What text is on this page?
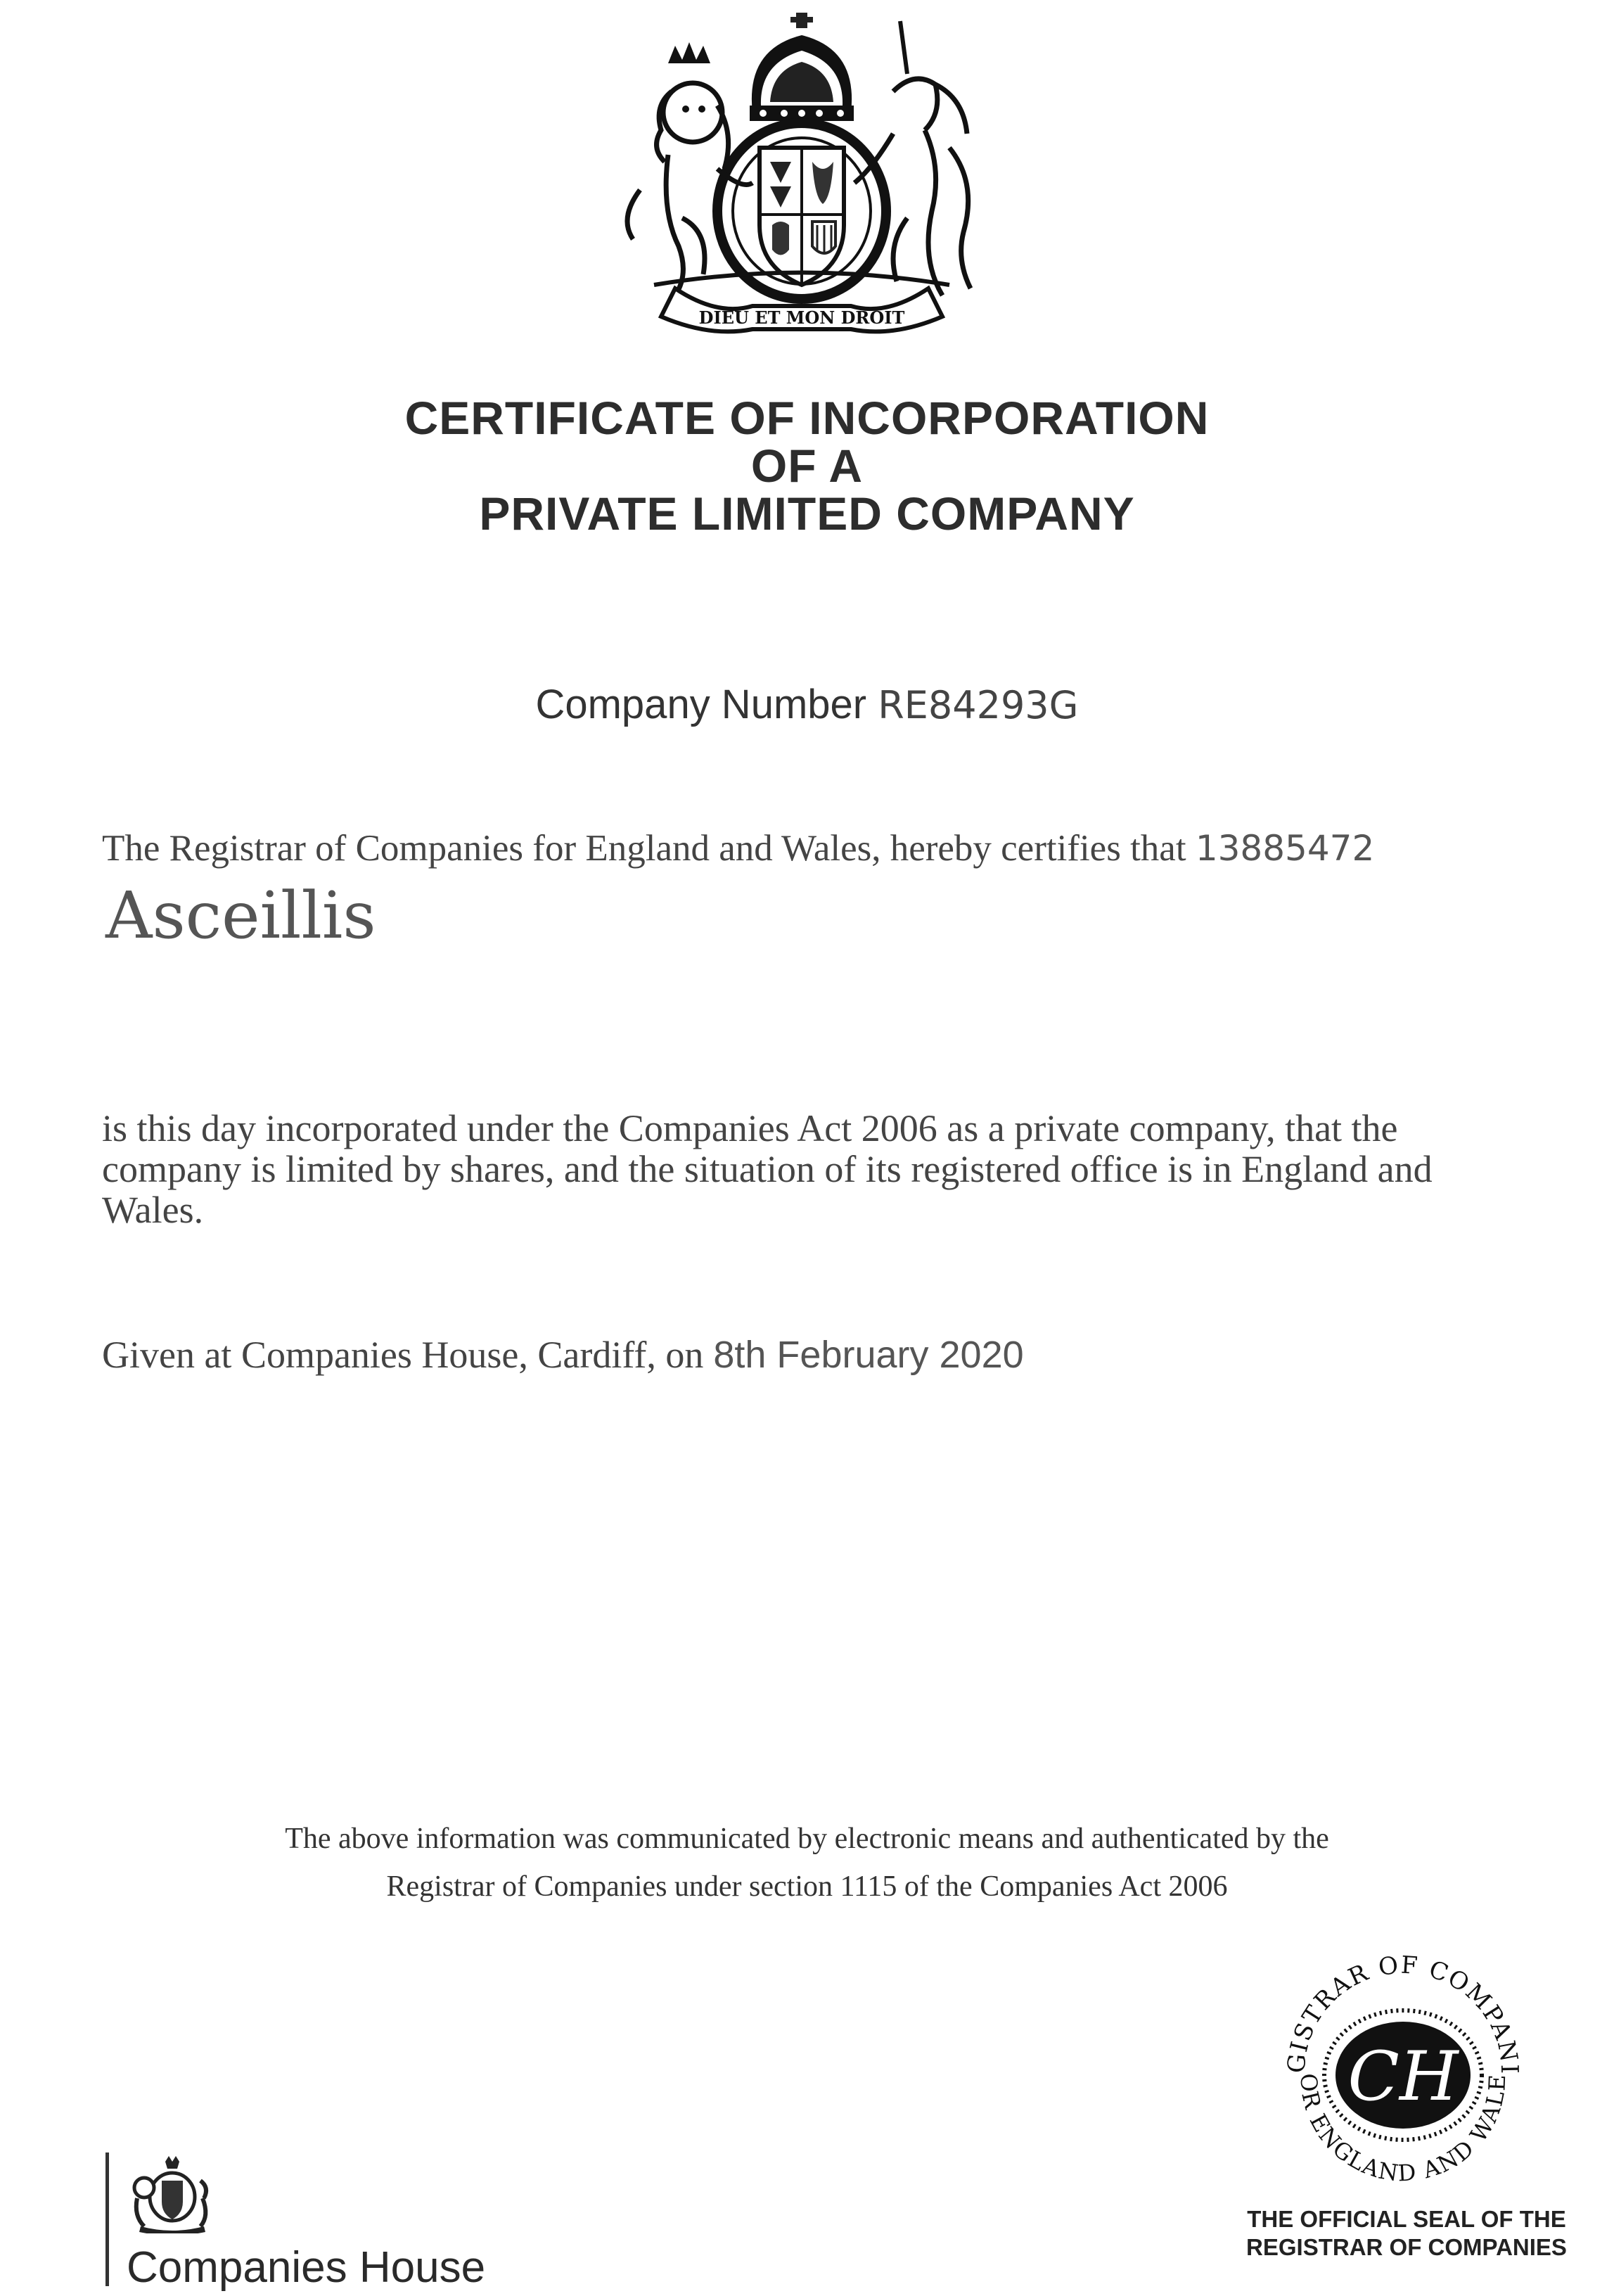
DIEU ET MON DROIT
CERTIFICATE OF INCORPORATION
OF A
PRIVATE LIMITED COMPANY
Company Number RE84293G
The Registrar of Companies for England and Wales, hereby certifies that 13885472
Asceillis
is this day incorporated under the Companies Act 2006 as a private company, that the company is limited by shares, and the situation of its registered office is in England and Wales.
Given at Companies House, Cardiff, on 8th February 2020
The above information was communicated by electronic means and authenticated by the
Registrar of Companies under section 1115 of the Companies Act 2006
GISTRAR OF COMPANI
OR ENGLAND AND WALE
CH
THE OFFICIAL SEAL OF THE
REGISTRAR OF COMPANIES
Companies House
